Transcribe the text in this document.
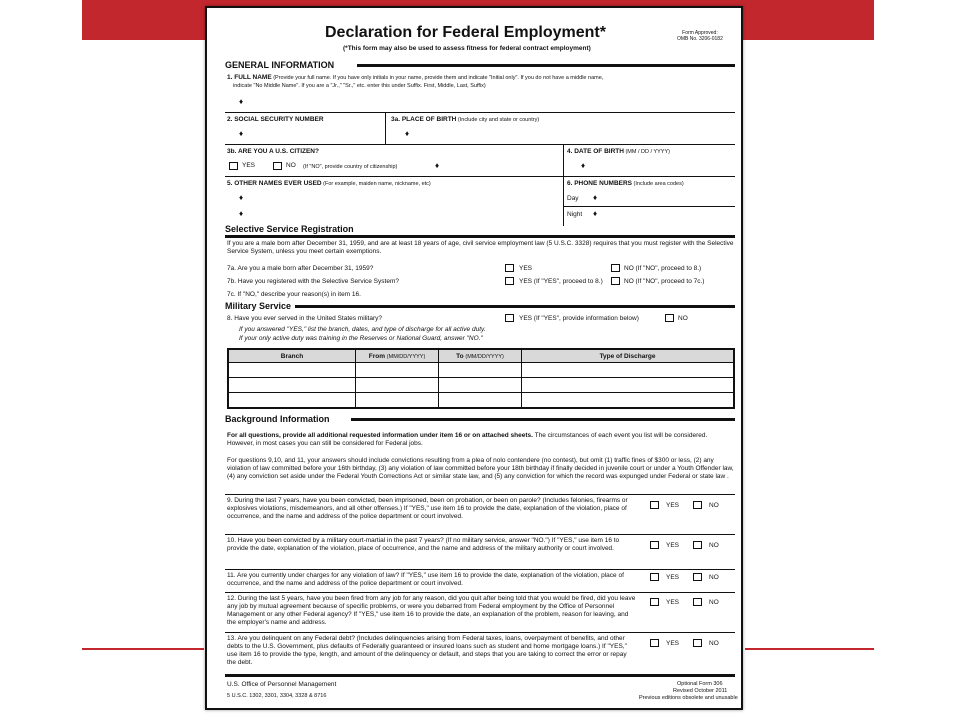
Declaration for Federal Employment*
(*This form may also be used to assess fitness for federal contract employment)
Form Approved:
OMB No. 3206-0182
GENERAL INFORMATION
1. FULL NAME (Provide your full name. If you have only initials in your name, provide them and indicate "Initial only". If you do not have a middle name,
indicate "No Middle Name". If you are a "Jr.," "Sr.," etc. enter this under Suffix. First, Middle, Last, Suffix)
♦
2. SOCIAL SECURITY NUMBER
♦
3a. PLACE OF BIRTH (Include city and state or country)
♦
3b. ARE YOU A U.S. CITIZEN?
YES	NO (If "NO", provide country of citizenship)	♦
4. DATE OF BIRTH (MM / DD / YYYY)
♦
5. OTHER NAMES EVER USED (For example, maiden name, nickname, etc)
♦
♦
6. PHONE NUMBERS (Include area codes)
Day ♦
Night ♦
Selective Service Registration
If you are a male born after December 31, 1959, and are at least 18 years of age, civil service employment law (5 U.S.C. 3328) requires that you must register with the Selective Service System, unless you meet certain exemptions.
7a. Are you a male born after December 31, 1959?	YES	NO (If "NO", proceed to 8.)
7b. Have you registered with the Selective Service System?	YES (If "YES", proceed to 8.)	NO (If "NO", proceed to 7c.)
7c. If "NO," describe your reason(s) in item 16.
Military Service
8. Have you ever served in the United States military?	YES (If "YES", provide information below)	NO
If you answered "YES," list the branch, dates, and type of discharge for all active duty.
If your only active duty was training in the Reserves or National Guard, answer "NO."
Branch	From (MM/DD/YYYY)	To (MM/DD/YYYY)	Type of Discharge

Background Information
For all questions, provide all additional requested information under item 16 or on attached sheets. The circumstances of each event you list will be considered. However, in most cases you can still be considered for Federal jobs.
For questions 9,10, and 11, your answers should include convictions resulting from a plea of nolo contendere (no contest), but omit (1) traffic fines of $300 or less, (2) any violation of law committed before your 16th birthday, (3) any violation of law committed before your 18th birthday if finally decided in juvenile court or under a Youth Offender law, (4) any conviction set aside under the Federal Youth Corrections Act or similar state law, and (5) any conviction for which the record was expunged under Federal or state law .
9. During the last 7 years, have you been convicted, been imprisoned, been on probation, or been on parole? (Includes felonies, firearms or explosives violations, misdemeanors, and all other offenses.) If "YES," use item 16 to provide the date, explanation of the violation, place of occurrence, and the name and address of the police department or court involved.
YES	NO
10. Have you been convicted by a military court-martial in the past 7 years? (If no military service, answer "NO.") If "YES," use item 16 to provide the date, explanation of the violation, place of occurrence, and the name and address of the military authority or court involved.	YES	NO
11. Are you currently under charges for any violation of law? If "YES," use item 16 to provide the date, explanation of the violation, place of occurrence, and the name and address of the police department or court involved.
YES	NO
12. During the last 5 years, have you been fired from any job for any reason, did you quit after being told that you would be fired, did you leave any job by mutual agreement because of specific problems, or were you debarred from Federal employment by the Office of Personnel Management or any other Federal agency? If "YES," use item 16 to provide the date, an explanation of the problem, reason for leaving, and the employer's name and address.
YES	NO
13. Are you delinquent on any Federal debt? (Includes delinquencies arising from Federal taxes, loans, overpayment of benefits, and other debts to the U.S. Government, plus defaults of Federally guaranteed or insured loans such as student and home mortgage loans.) If "YES," use item 16 to provide the type, length, and amount of the delinquency or default, and steps that you are taking to correct the error or repay the debt.
YES	NO
U.S. Office of Personnel Management
5 U.S.C. 1302, 3301, 3304, 3328 & 8716
Optional Form 306
Revised October 2011
Previous editions obsolete and unusable
